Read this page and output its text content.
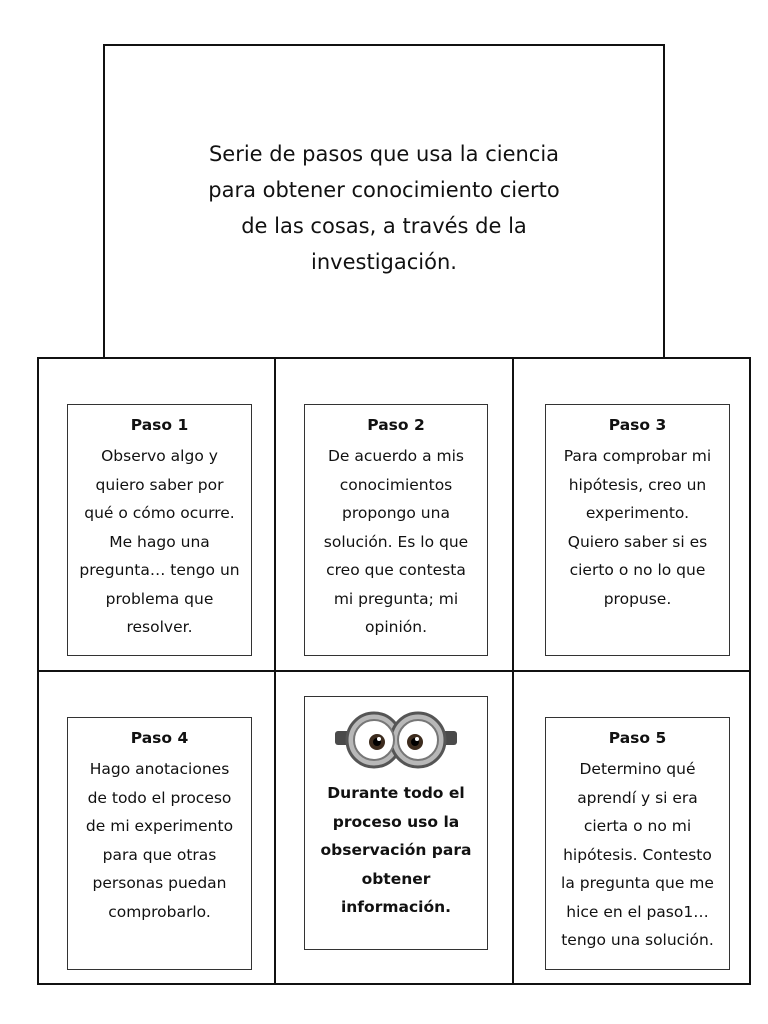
Serie de pasos que usa la ciencia
para obtener conocimiento cierto
de las cosas, a través de la
investigación.
Paso 1

Observo algo y

quiero saber por

qué o cómo ocurre.

Me hago una

pregunta… tengo un

problema que

resolver.

Paso 2

De acuerdo a mis

conocimientos

propongo una

solución. Es lo que

creo que contesta

mi pregunta; mi

opinión.

Paso 3

Para comprobar mi

hipótesis, creo un

experimento.

Quiero saber si es

cierto o no lo que

propuse.

Paso 4

Hago anotaciones

de todo el proceso

de mi experimento

para que otras

personas puedan

comprobarlo.

Durante todo el
proceso uso la
observación para
obtener
información.
Paso 5

Determino qué

aprendí y si era

cierta o no mi

hipótesis. Contesto

la pregunta que me

hice en el paso1…

tengo una solución.
